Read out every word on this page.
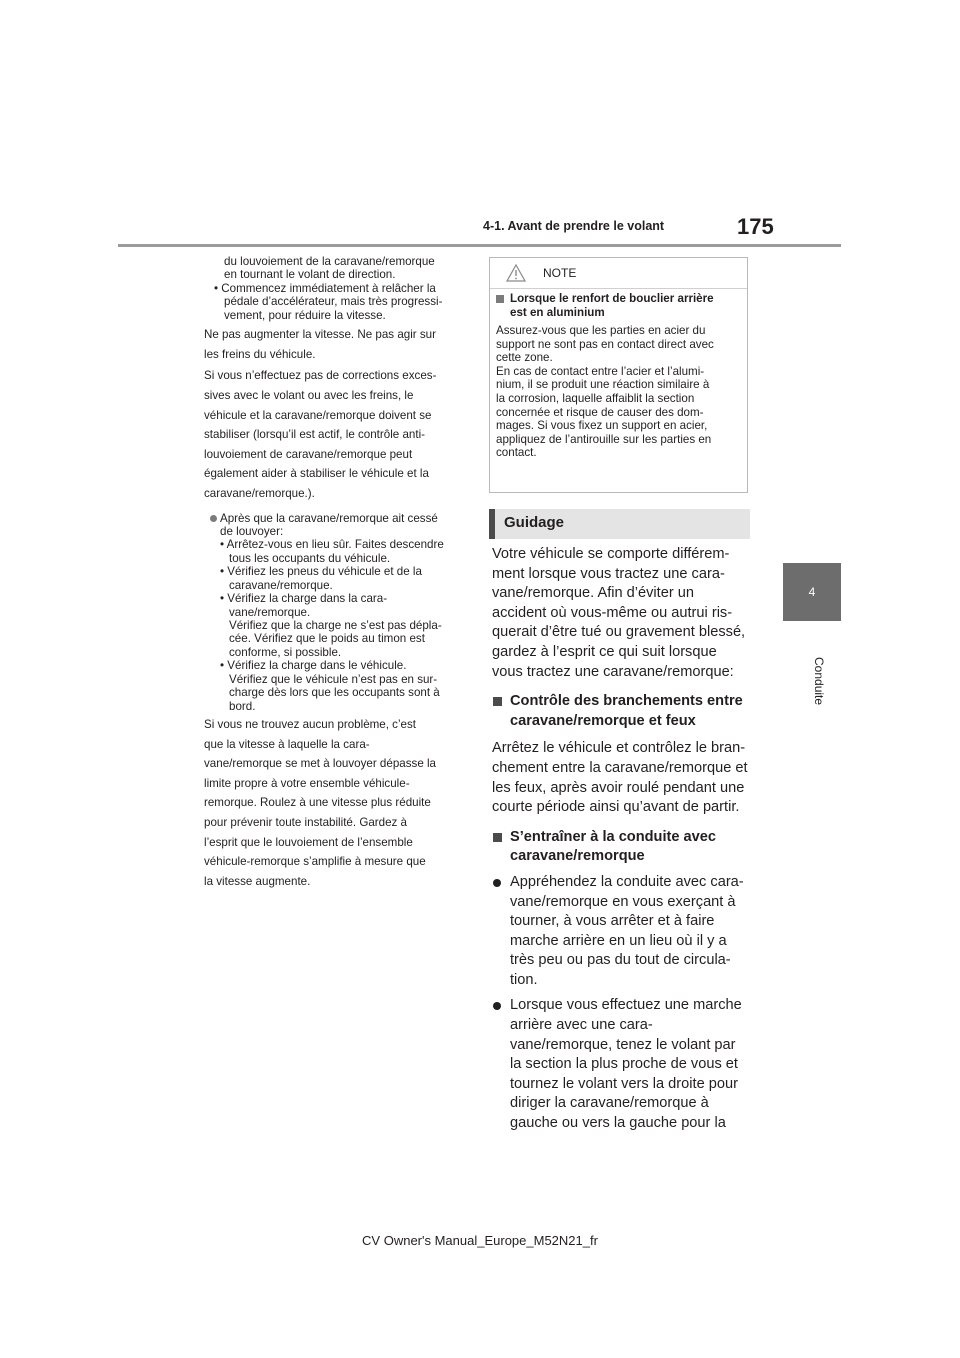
4-1. Avant de prendre le volant	175
4
Conduite

du louvoiement de la caravane/remorque

en tournant le volant de direction.

• Commencez immédiatement à relâcher la

pédale d’accélérateur, mais très progressi-

vement, pour réduire la vitesse.

Ne pas augmenter la vitesse. Ne pas agir sur

les freins du véhicule.

Si vous n’effectuez pas de corrections exces-

sives avec le volant ou avec les freins, le

véhicule et la caravane/remorque doivent se

stabiliser (lorsqu’il est actif, le contrôle anti-

louvoiement de caravane/remorque peut

également aider à stabiliser le véhicule et la

caravane/remorque.).

Après que la caravane/remorque ait cessé

de louvoyer:

• Arrêtez-vous en lieu sûr. Faites descendre

tous les occupants du véhicule.

• Vérifiez les pneus du véhicule et de la

caravane/remorque.

• Vérifiez la charge dans la cara-

vane/remorque.

Vérifiez que la charge ne s’est pas dépla-

cée. Vérifiez que le poids au timon est

conforme, si possible.

• Vérifiez la charge dans le véhicule.

Vérifiez que le véhicule n’est pas en sur-

charge dès lors que les occupants sont à

bord.

Si vous ne trouvez aucun problème, c’est

que la vitesse à laquelle la cara-

vane/remorque se met à louvoyer dépasse la

limite propre à votre ensemble véhicule-

remorque. Roulez à une vitesse plus réduite

pour prévenir toute instabilité. Gardez à

l’esprit que le louvoiement de l’ensemble

véhicule-remorque s’amplifie à mesure que

la vitesse augmente.

NOTE

Lorsque le renfort de bouclier arrière

est en aluminium

Assurez-vous que les parties en acier du

support ne sont pas en contact direct avec

cette zone.

En cas de contact entre l’acier et l’alumi-

nium, il se produit une réaction similaire à

la corrosion, laquelle affaiblit la section

concernée et risque de causer des dom-

mages. Si vous fixez un support en acier,

appliquez de l’antirouille sur les parties en

contact.

Guidage

Votre véhicule se comporte différem-

ment lorsque vous tractez une cara-

vane/remorque. Afin d’éviter un

accident où vous-même ou autrui ris-

querait d’être tué ou gravement blessé,

gardez à l’esprit ce qui suit lorsque

vous tractez une caravane/remorque:

Contrôle des branchements entre

caravane/remorque et feux

Arrêtez le véhicule et contrôlez le bran-

chement entre la caravane/remorque et

les feux, après avoir roulé pendant une

courte période ainsi qu’avant de partir.

S’entraîner à la conduite avec

caravane/remorque

Appréhendez la conduite avec cara-

vane/remorque en vous exerçant à

tourner, à vous arrêter et à faire

marche arrière en un lieu où il y a

très peu ou pas du tout de circula-

tion.

Lorsque vous effectuez une marche

arrière avec une cara-

vane/remorque, tenez le volant par

la section la plus proche de vous et

tournez le volant vers la droite pour

diriger la caravane/remorque à

gauche ou vers la gauche pour la

CV Owner's Manual_Europe_M52N21_fr
